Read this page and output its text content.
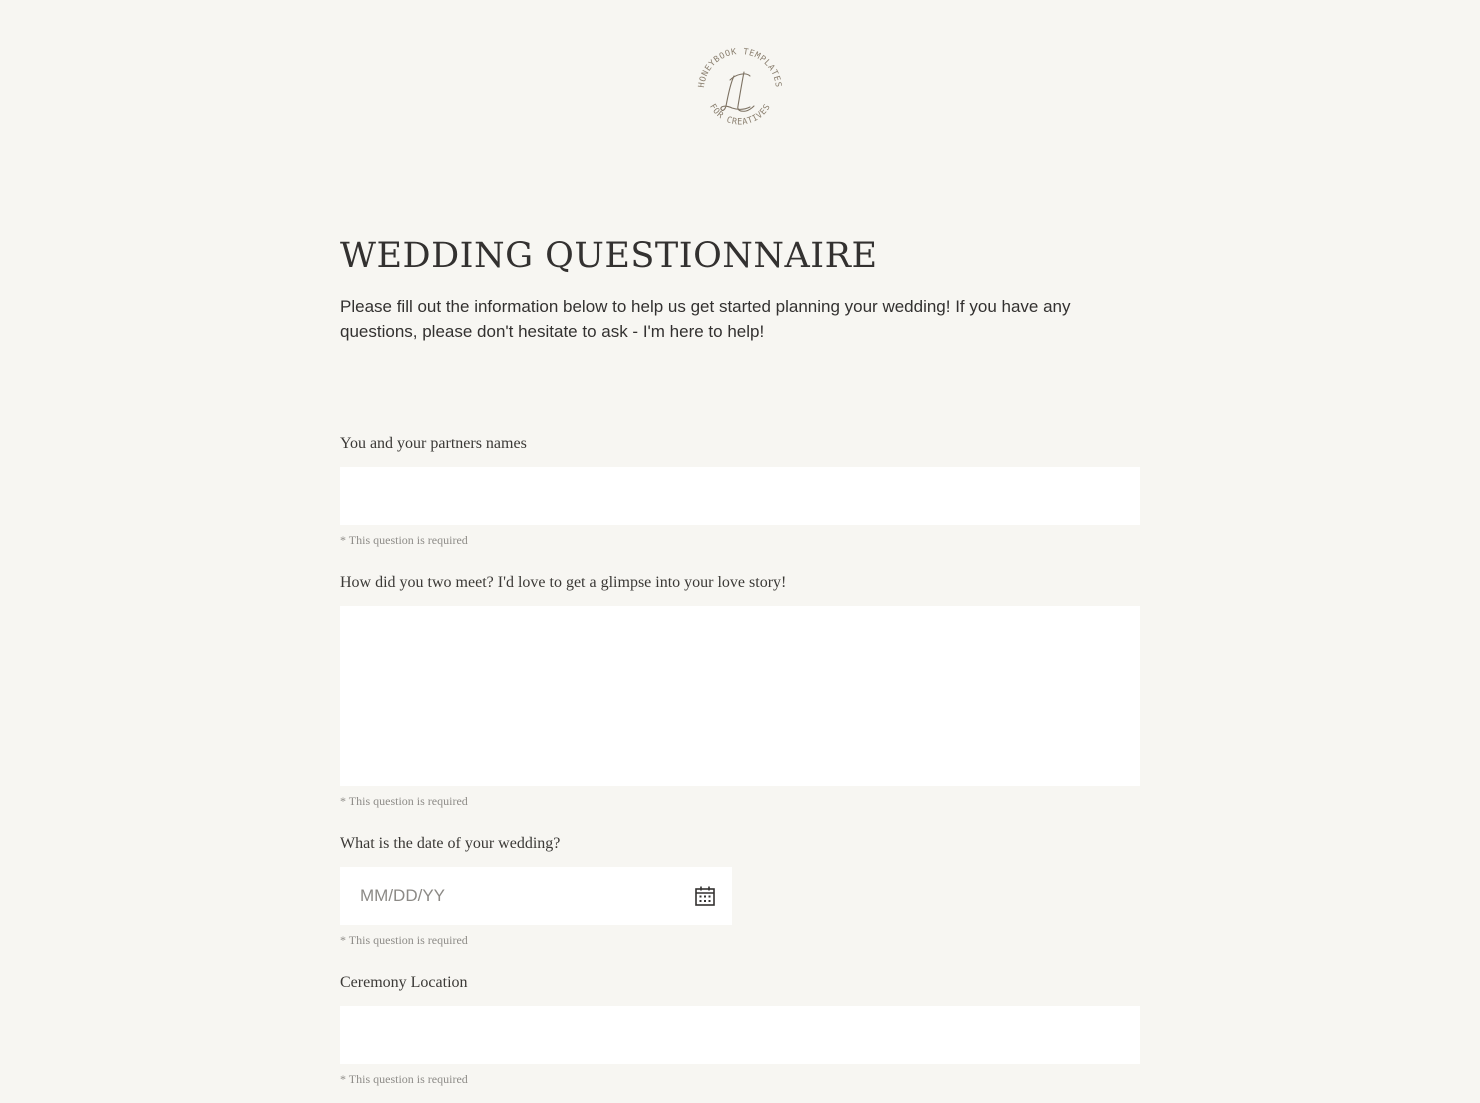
HONEYBOOK TEMPLATES
FOR CREATIVES
WEDDING QUESTIONNAIRE

Please fill out the information below to help us get started planning your wedding! If you have any questions, please don't hesitate to ask - I'm here to help!

You and your partners names
* This question is required
How did you two meet? I'd love to get a glimpse into your love story!
* This question is required
What is the date of your wedding?
MM/DD/YY
* This question is required
Ceremony Location
* This question is required
